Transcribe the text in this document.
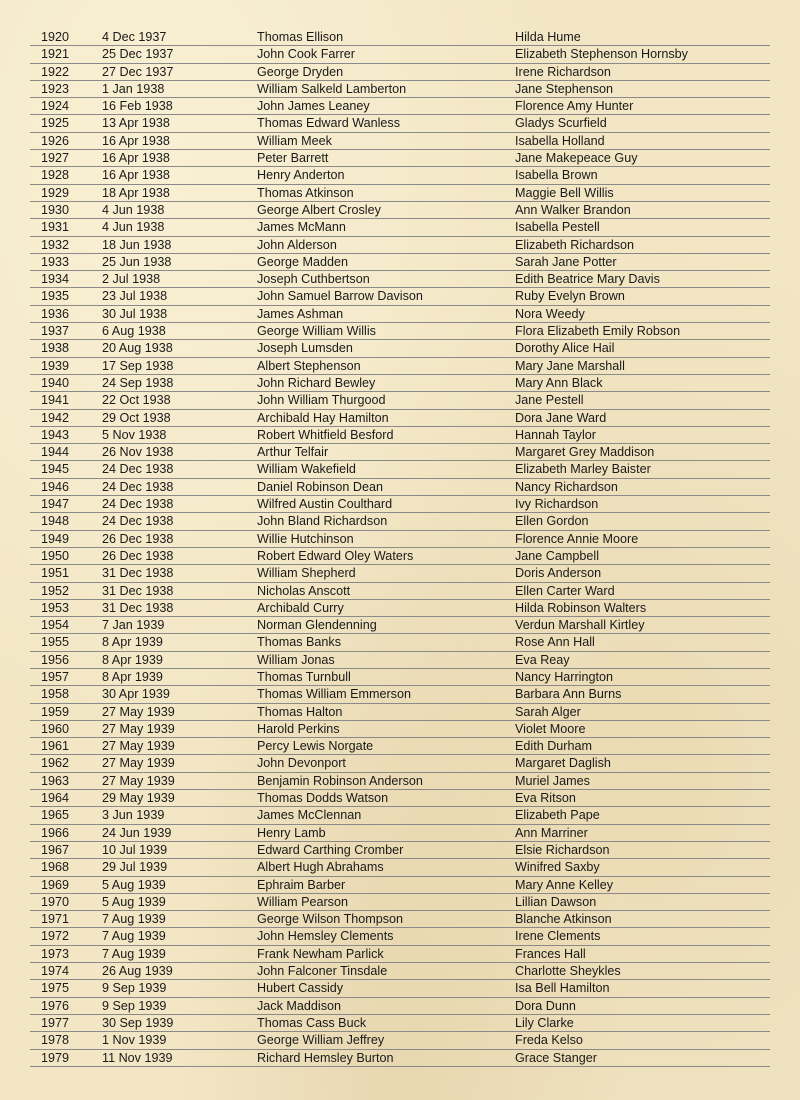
1920	4 Dec 1937	Thomas Ellison	Hilda Hume
1921	25 Dec 1937	John Cook Farrer	Elizabeth Stephenson Hornsby
1922	27 Dec 1937	George Dryden	Irene Richardson
1923	1 Jan 1938	William Salkeld Lamberton	Jane Stephenson
1924	16 Feb 1938	John James Leaney	Florence Amy Hunter
1925	13 Apr 1938	Thomas Edward Wanless	Gladys Scurfield
1926	16 Apr 1938	William Meek	Isabella Holland
1927	16 Apr 1938	Peter Barrett	Jane Makepeace Guy
1928	16 Apr 1938	Henry Anderton	Isabella Brown
1929	18 Apr 1938	Thomas Atkinson	Maggie Bell Willis
1930	4 Jun 1938	George Albert Crosley	Ann Walker Brandon
1931	4 Jun 1938	James McMann	Isabella Pestell
1932	18 Jun 1938	John Alderson	Elizabeth Richardson
1933	25 Jun 1938	George Madden	Sarah Jane Potter
1934	2 Jul 1938	Joseph Cuthbertson	Edith Beatrice Mary Davis
1935	23 Jul 1938	John Samuel Barrow Davison	Ruby Evelyn Brown
1936	30 Jul 1938	James Ashman	Nora Weedy
1937	6 Aug 1938	George William Willis	Flora Elizabeth Emily Robson
1938	20 Aug 1938	Joseph Lumsden	Dorothy Alice Hail
1939	17 Sep 1938	Albert Stephenson	Mary Jane Marshall
1940	24 Sep 1938	John Richard Bewley	Mary Ann Black
1941	22 Oct 1938	John William Thurgood	Jane Pestell
1942	29 Oct 1938	Archibald Hay Hamilton	Dora Jane Ward
1943	5 Nov 1938	Robert Whitfield Besford	Hannah Taylor
1944	26 Nov 1938	Arthur Telfair	Margaret Grey Maddison
1945	24 Dec 1938	William Wakefield	Elizabeth Marley Baister
1946	24 Dec 1938	Daniel Robinson Dean	Nancy Richardson
1947	24 Dec 1938	Wilfred Austin Coulthard	Ivy Richardson
1948	24 Dec 1938	John Bland Richardson	Ellen Gordon
1949	26 Dec 1938	Willie Hutchinson	Florence Annie Moore
1950	26 Dec 1938	Robert Edward Oley Waters	Jane Campbell
1951	31 Dec 1938	William Shepherd	Doris Anderson
1952	31 Dec 1938	Nicholas Anscott	Ellen Carter Ward
1953	31 Dec 1938	Archibald Curry	Hilda Robinson Walters
1954	7 Jan 1939	Norman Glendenning	Verdun Marshall Kirtley
1955	8 Apr 1939	Thomas Banks	Rose Ann Hall
1956	8 Apr 1939	William Jonas	Eva Reay
1957	8 Apr 1939	Thomas Turnbull	Nancy Harrington
1958	30 Apr 1939	Thomas William Emmerson	Barbara Ann Burns
1959	27 May 1939	Thomas Halton	Sarah Alger
1960	27 May 1939	Harold Perkins	Violet Moore
1961	27 May 1939	Percy Lewis Norgate	Edith Durham
1962	27 May 1939	John Devonport	Margaret Daglish
1963	27 May 1939	Benjamin Robinson Anderson	Muriel James
1964	29 May 1939	Thomas Dodds Watson	Eva Ritson
1965	3 Jun 1939	James McClennan	Elizabeth Pape
1966	24 Jun 1939	Henry Lamb	Ann Marriner
1967	10 Jul 1939	Edward Carthing Cromber	Elsie Richardson
1968	29 Jul 1939	Albert Hugh Abrahams	Winifred Saxby
1969	5 Aug 1939	Ephraim Barber	Mary Anne Kelley
1970	5 Aug 1939	William Pearson	Lillian Dawson
1971	7 Aug 1939	George Wilson Thompson	Blanche Atkinson
1972	7 Aug 1939	John Hemsley Clements	Irene Clements
1973	7 Aug 1939	Frank Newham Parlick	Frances Hall
1974	26 Aug 1939	John Falconer Tinsdale	Charlotte Sheykles
1975	9 Sep 1939	Hubert Cassidy	Isa Bell Hamilton
1976	9 Sep 1939	Jack Maddison	Dora Dunn
1977	30 Sep 1939	Thomas Cass Buck	Lily Clarke
1978	1 Nov 1939	George William Jeffrey	Freda Kelso
1979	11 Nov 1939	Richard Hemsley Burton	Grace Stanger
